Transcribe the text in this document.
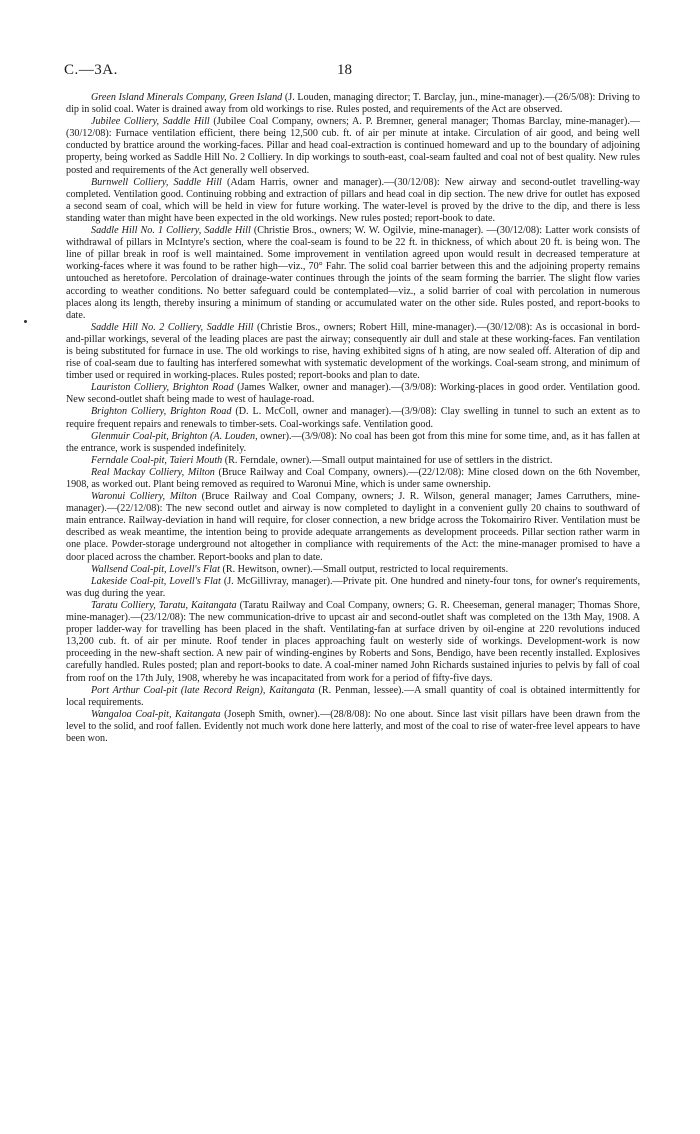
C.—3A.	18

Green Island Minerals Company, Green Island (J. Louden, managing director; T. Barclay, jun., mine-manager).—(26/5/08): Driving to dip in solid coal. Water is drained away from old workings to rise. Rules posted, and requirements of the Act are observed.

Jubilee Colliery, Saddle Hill (Jubilee Coal Company, owners; A. P. Bremner, general manager; Thomas Barclay, mine-manager).—(30/12/08): Furnace ventilation efficient, there being 12,500 cub. ft. of air per minute at intake. Circulation of air good, and being well conducted by brattice around the working-faces. Pillar and head coal-extraction is continued homeward and up to the boundary of adjoining property, being worked as Saddle Hill No. 2 Colliery. In dip workings to south-east, coal-seam faulted and coal not of best quality. New rules posted and requirements of the Act generally well observed.

Burnwell Colliery, Saddle Hill (Adam Harris, owner and manager).—(30/12/08): New airway and second-outlet travelling-way completed. Ventilation good. Continuing robbing and extraction of pillars and head coal in dip section. The new drive for outlet has exposed a second seam of coal, which will be held in view for future working. The water-level is proved by the drive to the dip, and there is less standing water than might have been expected in the old workings. New rules posted; report-book to date.

Saddle Hill No. 1 Colliery, Saddle Hill (Christie Bros., owners; W. W. Ogilvie, mine-manager). —(30/12/08): Latter work consists of withdrawal of pillars in McIntyre's section, where the coal-seam is found to be 22 ft. in thickness, of which about 20 ft. is being won. The line of pillar break in roof is well maintained. Some improvement in ventilation agreed upon would result in decreased temperature at working-faces where it was found to be rather high—viz., 70° Fahr. The solid coal barrier between this and the adjoining property remains untouched as heretofore. Percolation of drainage-water continues through the joints of the seam forming the barrier. The slight flow varies according to weather conditions. No better safeguard could be contemplated—viz., a solid barrier of coal with percolation in numerous places along its length, thereby insuring a minimum of standing or accumulated water on the other side. Rules posted, and report-books to date.

Saddle Hill No. 2 Colliery, Saddle Hill (Christie Bros., owners; Robert Hill, mine-manager).—(30/12/08): As is occasional in bord-and-pillar workings, several of the leading places are past the airway; consequently air dull and stale at these working-faces. Fan ventilation is being substituted for furnace in use. The old workings to rise, having exhibited signs of h ating, are now sealed off. Alteration of dip and rise of coal-seam due to faulting has interfered somewhat with systematic development of the workings. Coal-seam strong, and minimum of timber used or required in working-places. Rules posted; report-books and plan to date.

Lauriston Colliery, Brighton Road (James Walker, owner and manager).—(3/9/08): Working-places in good order. Ventilation good. New second-outlet shaft being made to west of haulage-road.

Brighton Colliery, Brighton Road (D. L. McColl, owner and manager).—(3/9/08): Clay swelling in tunnel to such an extent as to require frequent repairs and renewals to timber-sets. Coal-workings safe. Ventilation good.

Glenmuir Coal-pit, Brighton (A. Louden, owner).—(3/9/08): No coal has been got from this mine for some time, and, as it has fallen at the entrance, work is suspended indefinitely.

Ferndale Coal-pit, Taieri Mouth (R. Ferndale, owner).—Small output maintained for use of settlers in the district.

Real Mackay Colliery, Milton (Bruce Railway and Coal Company, owners).—(22/12/08): Mine closed down on the 6th November, 1908, as worked out. Plant being removed as required to Waronui Mine, which is under same ownership.

Waronui Colliery, Milton (Bruce Railway and Coal Company, owners; J. R. Wilson, general manager; James Carruthers, mine-manager).—(22/12/08): The new second outlet and airway is now completed to daylight in a convenient gully 20 chains to southward of main entrance. Railway-deviation in hand will require, for closer connection, a new bridge across the Tokomairiro River. Ventilation must be described as weak meantime, the intention being to provide adequate arrangements as development proceeds. Pillar section rather warm in one place. Powder-storage underground not altogether in compliance with requirements of the Act: the mine-manager promised to have a door placed across the chamber. Report-books and plan to date.

Wallsend Coal-pit, Lovell's Flat (R. Hewitson, owner).—Small output, restricted to local requirements.

Lakeside Coal-pit, Lovell's Flat (J. McGillivray, manager).—Private pit. One hundred and ninety-four tons, for owner's requirements, was dug during the year.

Taratu Colliery, Taratu, Kaitangata (Taratu Railway and Coal Company, owners; G. R. Cheeseman, general manager; Thomas Shore, mine-manager).—(23/12/08): The new communication-drive to upcast air and second-outlet shaft was completed on the 13th May, 1908. A proper ladder-way for travelling has been placed in the shaft. Ventilating-fan at surface driven by oil-engine at 220 revolutions induced 13,200 cub. ft. of air per minute. Roof tender in places approaching fault on westerly side of workings. Development-work is now proceeding in the new-shaft section. A new pair of winding-engines by Roberts and Sons, Bendigo, have been recently installed. Explosives carefully handled. Rules posted; plan and report-books to date. A coal-miner named John Richards sustained injuries to pelvis by fall of coal from roof on the 17th July, 1908, whereby he was incapacitated from work for a period of fifty-five days.

Port Arthur Coal-pit (late Record Reign), Kaitangata (R. Penman, lessee).—A small quantity of coal is obtained intermittently for local requirements.

Wangaloa Coal-pit, Kaitangata (Joseph Smith, owner).—(28/8/08): No one about. Since last visit pillars have been drawn from the level to the solid, and roof fallen. Evidently not much work done here latterly, and most of the coal to rise of water-free level appears to have been won.
